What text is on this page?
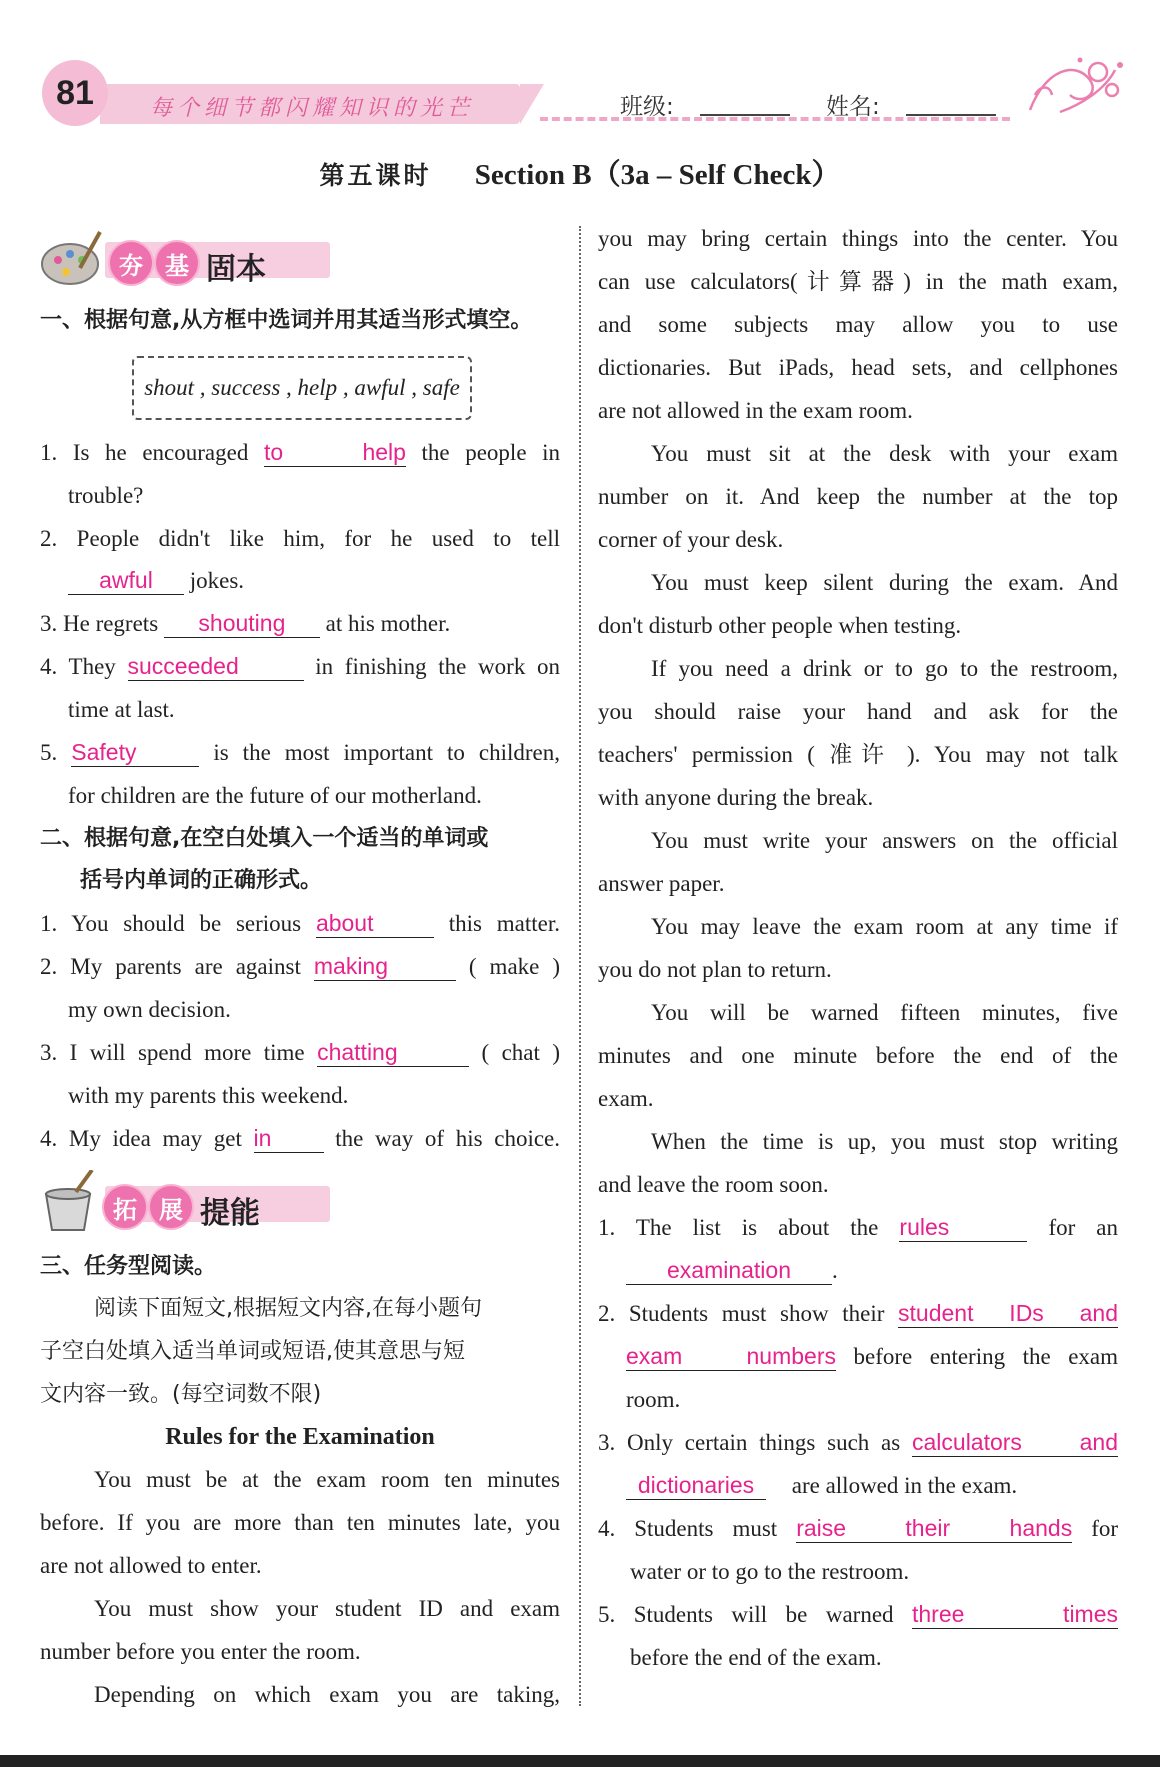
81	每个细节都闪耀知识的光芒	班级:	姓名:
第五课时 Section B（3a – Self Check）
夯 基 固本
一、根据句意,从方框中选词并用其适当形式填空。
shout , success , help , awful , safe
1. Is he encouraged to help the people in
trouble?
2. People didn't like him, for he used to tell
awful jokes.
3. He regrets shouting at his mother.
4. They succeeded	in finishing the work on
time at last.
5. Safety	is the most important to children,
for children are the future of our motherland.
二、根据句意,在空白处填入一个适当的单词或
括号内单词的正确形式。
1. You should be serious about	this matter.
2. My parents are against making	( make )
my own decision.
3. I will spend more time chatting	( chat )
with my parents this weekend.
4. My idea may get in	the way of his choice.
拓 展 提能
三、任务型阅读。
阅读下面短文,根据短文内容,在每小题句
子空白处填入适当单词或短语,使其意思与短
文内容一致。(每空词数不限)
Rules for the Examination
You must be at the exam room ten minutes
before. If you are more than ten minutes late, you
are not allowed to enter.
You must show your student ID and exam
number before you enter the room.
Depending on which exam you are taking,
you may bring certain things into the center. You
can use calculators(计算器) in the math exam,
and some subjects may allow you to use
dictionaries. But iPads, head sets, and cellphones
are not allowed in the exam room.
You must sit at the desk with your exam
number on it. And keep the number at the top
corner of your desk.
You must keep silent during the exam. And
don't disturb other people when testing.
If you need a drink or to go to the restroom,
you should raise your hand and ask for the
teachers' permission ( 准许 ). You may not talk
with anyone during the break.
You must write your answers on the official
answer paper.
You may leave the exam room at any time if
you do not plan to return.
You will be warned fifteen minutes, five
minutes and one minute before the end of the
exam.
When the time is up, you must stop writing
and leave the room soon.
1. The list is about the rules	for an
examination .
2. Students must show their student IDs and
exam numbers before entering the exam
room.
3. Only certain things such as calculators and
dictionaries are allowed in the exam.
4. Students must raise their hands for
water or to go to the restroom.
5. Students will be warned three times
before the end of the exam.
